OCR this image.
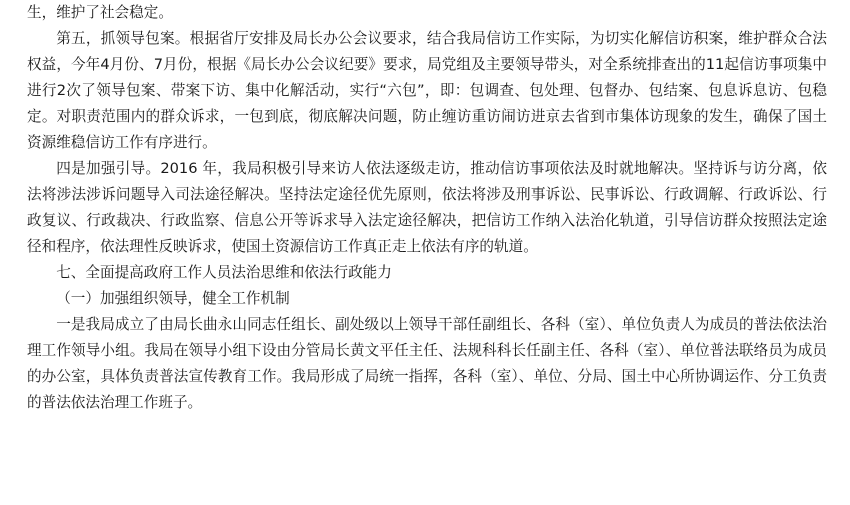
生，维护了社会稳定。

第五，抓领导包案。根据省厅安排及局长办公会议要求，结合我局信访工作实际，为切实化解信访积案，维护群众合法权益，今年4月份、7月份，根据《局长办公会议纪要》要求，局党组及主要领导带头，对全系统排查出的11起信访事项集中进行2次了领导包案、带案下访、集中化解活动，实行“六包”，即：包调查、包处理、包督办、包结案、包息诉息访、包稳定。对职责范围内的群众诉求，一包到底，彻底解决问题，防止缠访重访闹访进京去省到市集体访现象的发生，确保了国土资源维稳信访工作有序进行。

四是加强引导。2016 年，我局积极引导来访人依法逐级走访，推动信访事项依法及时就地解决。坚持诉与访分离，依法将涉法涉诉问题导入司法途径解决。坚持法定途径优先原则，依法将涉及刑事诉讼、民事诉讼、行政调解、行政诉讼、行政复议、行政裁决、行政监察、信息公开等诉求导入法定途径解决，把信访工作纳入法治化轨道，引导信访群众按照法定途径和程序，依法理性反映诉求，使国土资源信访工作真正走上依法有序的轨道。

七、全面提高政府工作人员法治思维和依法行政能力

（一）加强组织领导，健全工作机制

一是我局成立了由局长曲永山同志任组长、副处级以上领导干部任副组长、各科（室）、单位负责人为成员的普法依法治理工作领导小组。我局在领导小组下设由分管局长黄文平任主任、法规科科长任副主任、各科（室）、单位普法联络员为成员的办公室，具体负责普法宣传教育工作。我局形成了局统一指挥，各科（室）、单位、分局、国土中心所协调运作、分工负责的普法依法治理工作班子。
